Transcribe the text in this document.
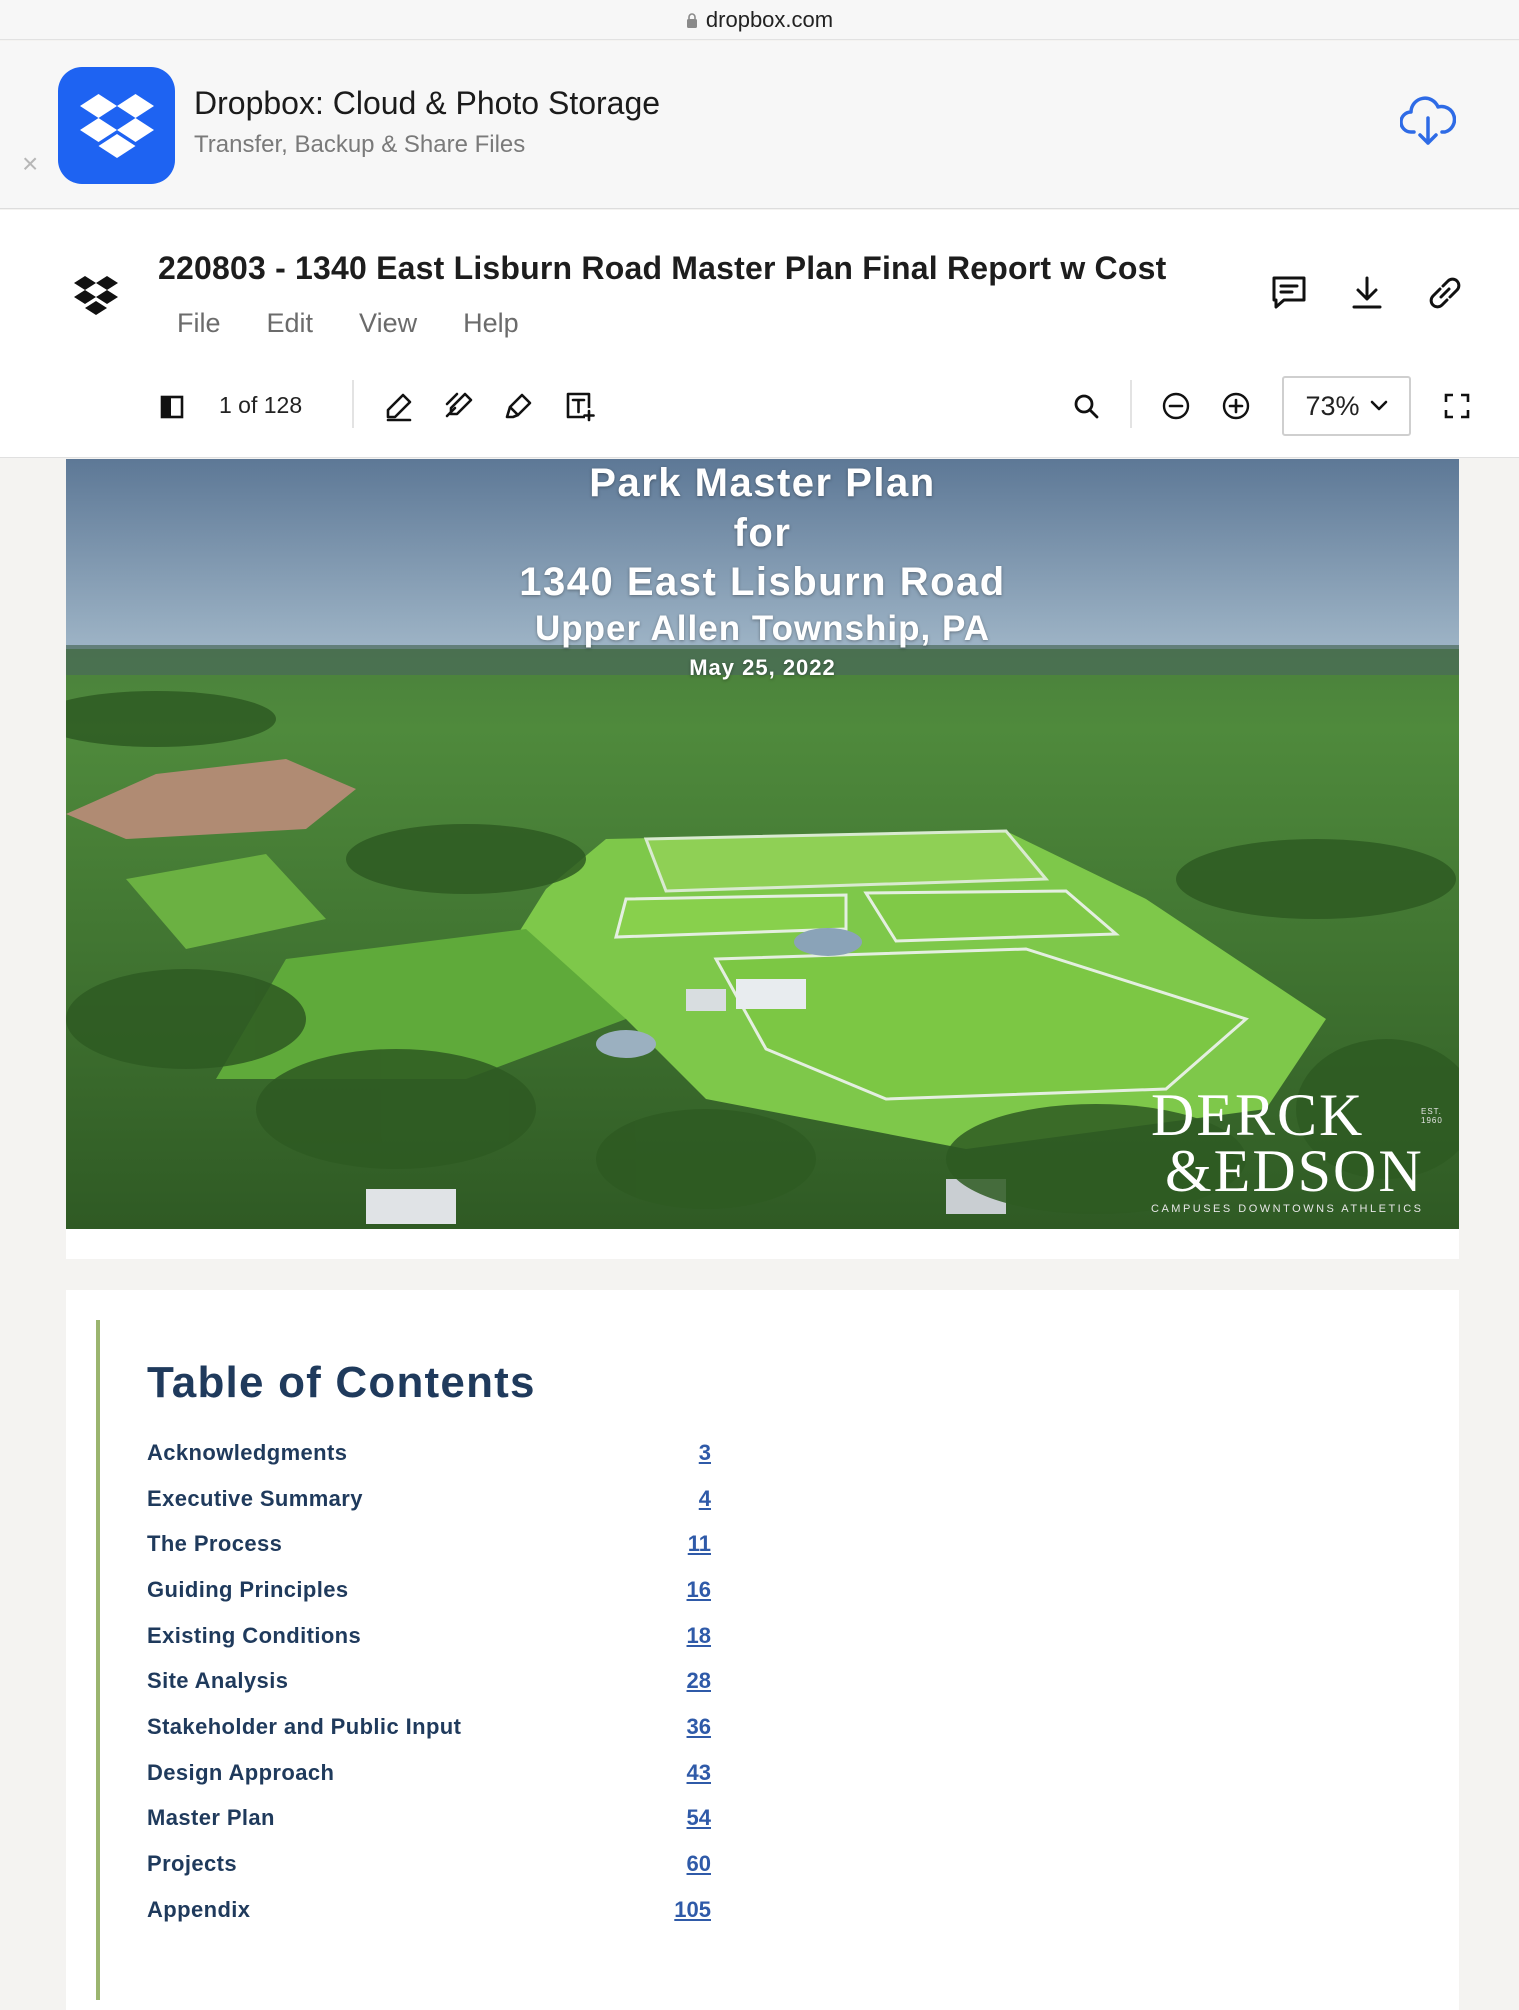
dropbox.com
×
Dropbox: Cloud & Photo Storage
Transfer, Backup & Share Files
220803 - 1340 East Lisburn Road Master Plan Final Report w Cost
File Edit View Help
1 of 128	73%
Park Master Plan
for
1340 East Lisburn Road
Upper Allen Township, PA
May 25, 2022
DERCK
&EDSON
CAMPUSES DOWNTOWNS ATHLETICS
EST. 1960
Table of Contents
Acknowledgments	3
Executive Summary	4
The Process	11
Guiding Principles	16
Existing Conditions	18
Site Analysis	28
Stakeholder and Public Input	36
Design Approach	43
Master Plan	54
Projects	60
Appendix	105
